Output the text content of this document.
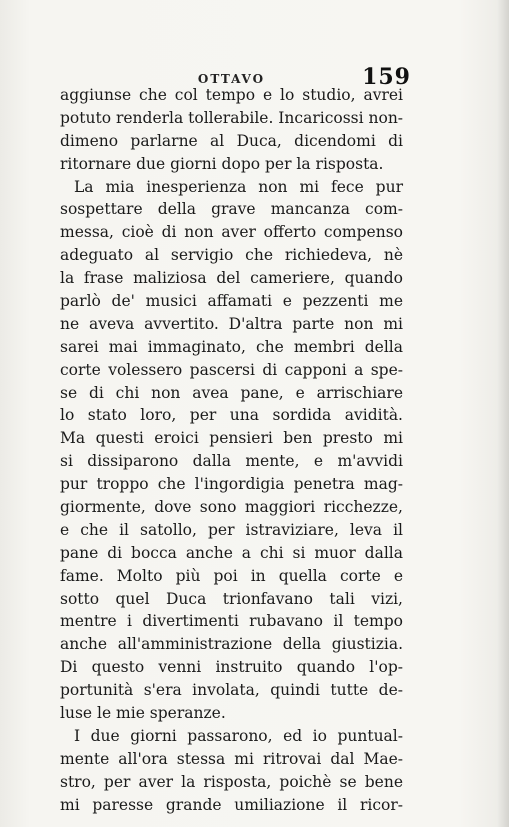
OTTAVO	159
aggiunse che col tempo e lo studio, avrei
potuto renderla tollerabile. Incaricossi non-
dimeno parlarne al Duca, dicendomi di
ritornare due giorni dopo per la risposta.
La mia inesperienza non mi fece pur
sospettare della grave mancanza com-
messa, cioè di non aver offerto compenso
adeguato al servigio che richiedeva, nè
la frase maliziosa del cameriere, quando
parlò de' musici affamati e pezzenti me
ne aveva avvertito. D'altra parte non mi
sarei mai immaginato, che membri della
corte volessero pascersi di capponi a spe-
se di chi non avea pane, e arrischiare
lo stato loro, per una sordida avidità.
Ma questi eroici pensieri ben presto mi
si dissiparono dalla mente, e m'avvidi
pur troppo che l'ingordigia penetra mag-
giormente, dove sono maggiori ricchezze,
e che il satollo, per istraviziare, leva il
pane di bocca anche a chi si muor dalla
fame. Molto più poi in quella corte e
sotto quel Duca trionfavano tali vizi,
mentre i divertimenti rubavano il tempo
anche all'amministrazione della giustizia.
Di questo venni instruito quando l'op-
portunità s'era involata, quindi tutte de-
luse le mie speranze.
I due giorni passarono, ed io puntual-
mente all'ora stessa mi ritrovai dal Mae-
stro, per aver la risposta, poichè se bene
mi paresse grande umiliazione il ricor-
